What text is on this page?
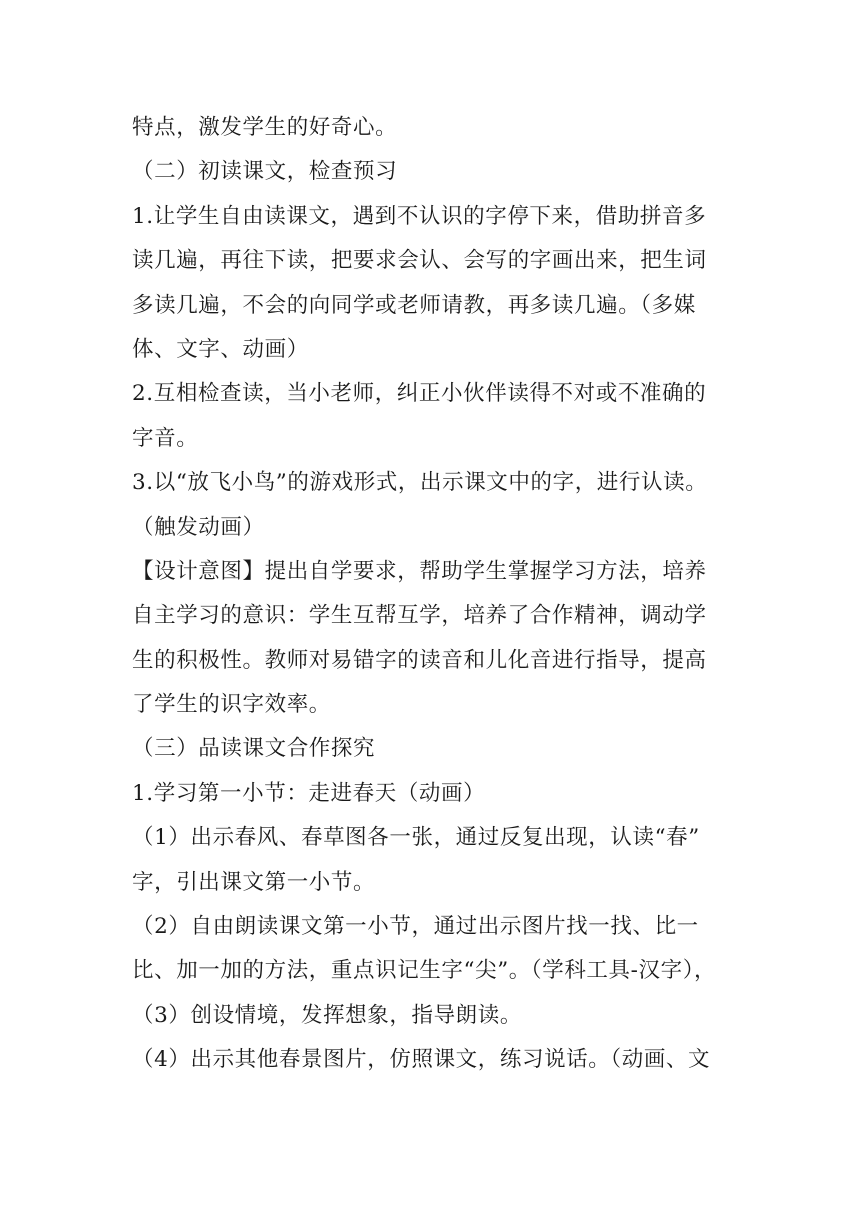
特点，激发学生的好奇心。
（二）初读课文，检查预习
1.让学生自由读课文，遇到不认识的字停下来，借助拼音多
读几遍，再往下读，把要求会认、会写的字画出来，把生词
多读几遍，不会的向同学或老师请教，再多读几遍。（多媒
体、文字、动画）
2.互相检查读，当小老师，纠正小伙伴读得不对或不准确的
字音。
3.以“放飞小鸟”的游戏形式，出示课文中的字，进行认读。
（触发动画）
【设计意图】提出自学要求，帮助学生掌握学习方法，培养
自主学习的意识：学生互帮互学，培养了合作精神，调动学
生的积极性。教师对易错字的读音和儿化音进行指导，提高
了学生的识字效率。
（三）品读课文合作探究
1.学习第一小节：走进春天（动画）
（1）出示春风、春草图各一张，通过反复出现，认读“春”
字，引出课文第一小节。
（2）自由朗读课文第一小节，通过出示图片找一找、比一
比、加一加的方法，重点识记生字“尖”。（学科工具-汉字），
（3）创设情境，发挥想象，指导朗读。
（4）出示其他春景图片，仿照课文，练习说话。（动画、文
